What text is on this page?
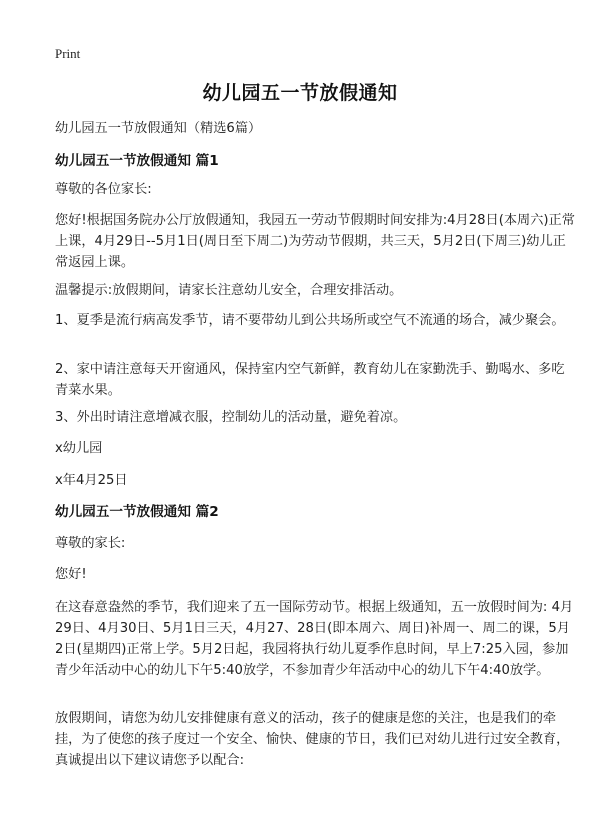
Print
幼儿园五一节放假通知

幼儿园五一节放假通知（精选6篇）

幼儿园五一节放假通知 篇1

尊敬的各位家长:

您好!根据国务院办公厅放假通知，我园五一劳动节假期时间安排为:4月28日(本周六)正常上课，4月29日--5月1日(周日至下周二)为劳动节假期，共三天，5月2日(下周三)幼儿正常返园上课。

温馨提示:放假期间，请家长注意幼儿安全，合理安排活动。

1、夏季是流行病高发季节，请不要带幼儿到公共场所或空气不流通的场合，减少聚会。

2、家中请注意每天开窗通风，保持室内空气新鲜，教育幼儿在家勤洗手、勤喝水、多吃青菜水果。

3、外出时请注意增减衣服，控制幼儿的活动量，避免着凉。

x幼儿园

x年4月25日

幼儿园五一节放假通知 篇2

尊敬的家长:

您好!

在这春意盎然的季节，我们迎来了五一国际劳动节。根据上级通知，五一放假时间为: 4月29日、4月30日、5月1日三天，4月27、28日(即本周六、周日)补周一、周二的课，5月2日(星期四)正常上学。5月2日起，我园将执行幼儿夏季作息时间，早上7:25入园，参加青少年活动中心的幼儿下午5:40放学，不参加青少年活动中心的幼儿下午4:40放学。

放假期间，请您为幼儿安排健康有意义的活动，孩子的健康是您的关注，也是我们的牵挂，为了使您的孩子度过一个安全、愉快、健康的节日，我们已对幼儿进行过安全教育，真诚提出以下建议请您予以配合:
